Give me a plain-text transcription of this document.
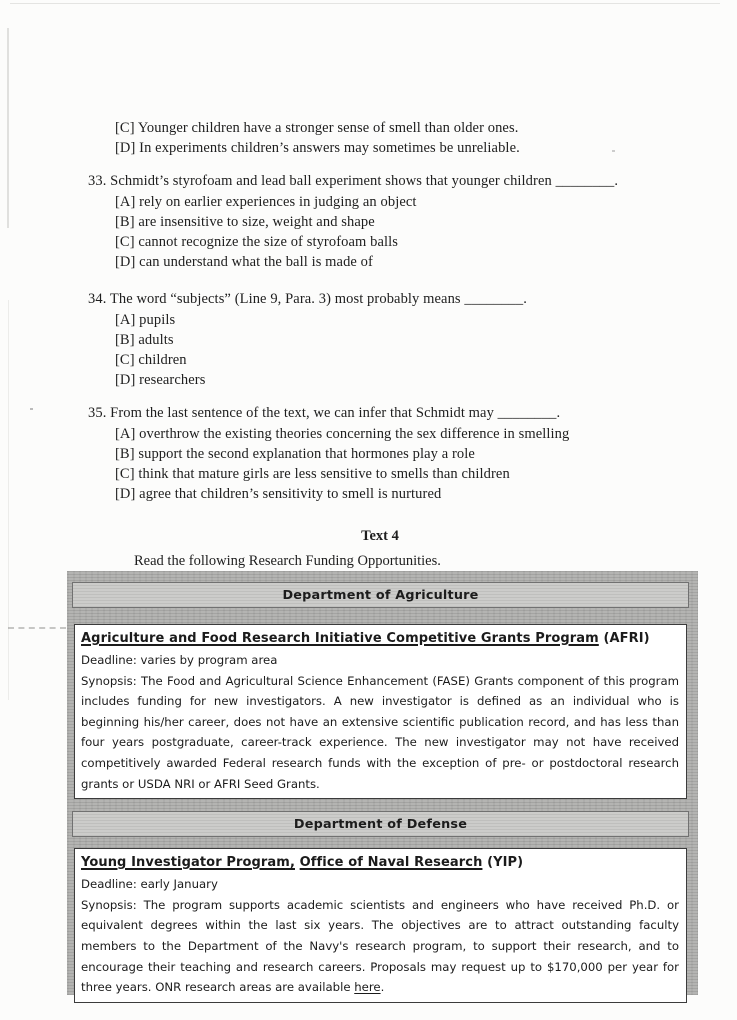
[C] Younger children have a stronger sense of smell than older ones.
[D] In experiments children’s answers may sometimes be unreliable.
33. Schmidt’s styrofoam and lead ball experiment shows that younger children ________.
[A] rely on earlier experiences in judging an object
[B] are insensitive to size, weight and shape
[C] cannot recognize the size of styrofoam balls
[D] can understand what the ball is made of
34. The word “subjects” (Line 9, Para. 3) most probably means ________.
[A] pupils
[B] adults
[C] children
[D] researchers
35. From the last sentence of the text, we can infer that Schmidt may ________.
[A] overthrow the existing theories concerning the sex difference in smelling
[B] support the second explanation that hormones play a role
[C] think that mature girls are less sensitive to smells than children
[D] agree that children’s sensitivity to smell is nurtured
Text 4
Read the following Research Funding Opportunities.
Department of Agriculture
Agriculture and Food Research Initiative Competitive Grants Program (AFRI)
Deadline: varies by program area
Synopsis: The Food and Agricultural Science Enhancement (FASE) Grants component of this program includes funding for new investigators. A new investigator is defined as an individual who is beginning his/her career, does not have an extensive scientific publication record, and has less than four years postgraduate, career-track experience. The new investigator may not have received competitively awarded Federal research funds with the exception of pre- or postdoctoral research grants or USDA NRI or AFRI Seed Grants.
Department of Defense
Young Investigator Program, Office of Naval Research (YIP)
Deadline: early January
Synopsis: The program supports academic scientists and engineers who have received Ph.D. or equivalent degrees within the last six years. The objectives are to attract outstanding faculty members to the Department of the Navy's research program, to support their research, and to encourage their teaching and research careers. Proposals may request up to $170,000 per year for three years. ONR research areas are available here.
